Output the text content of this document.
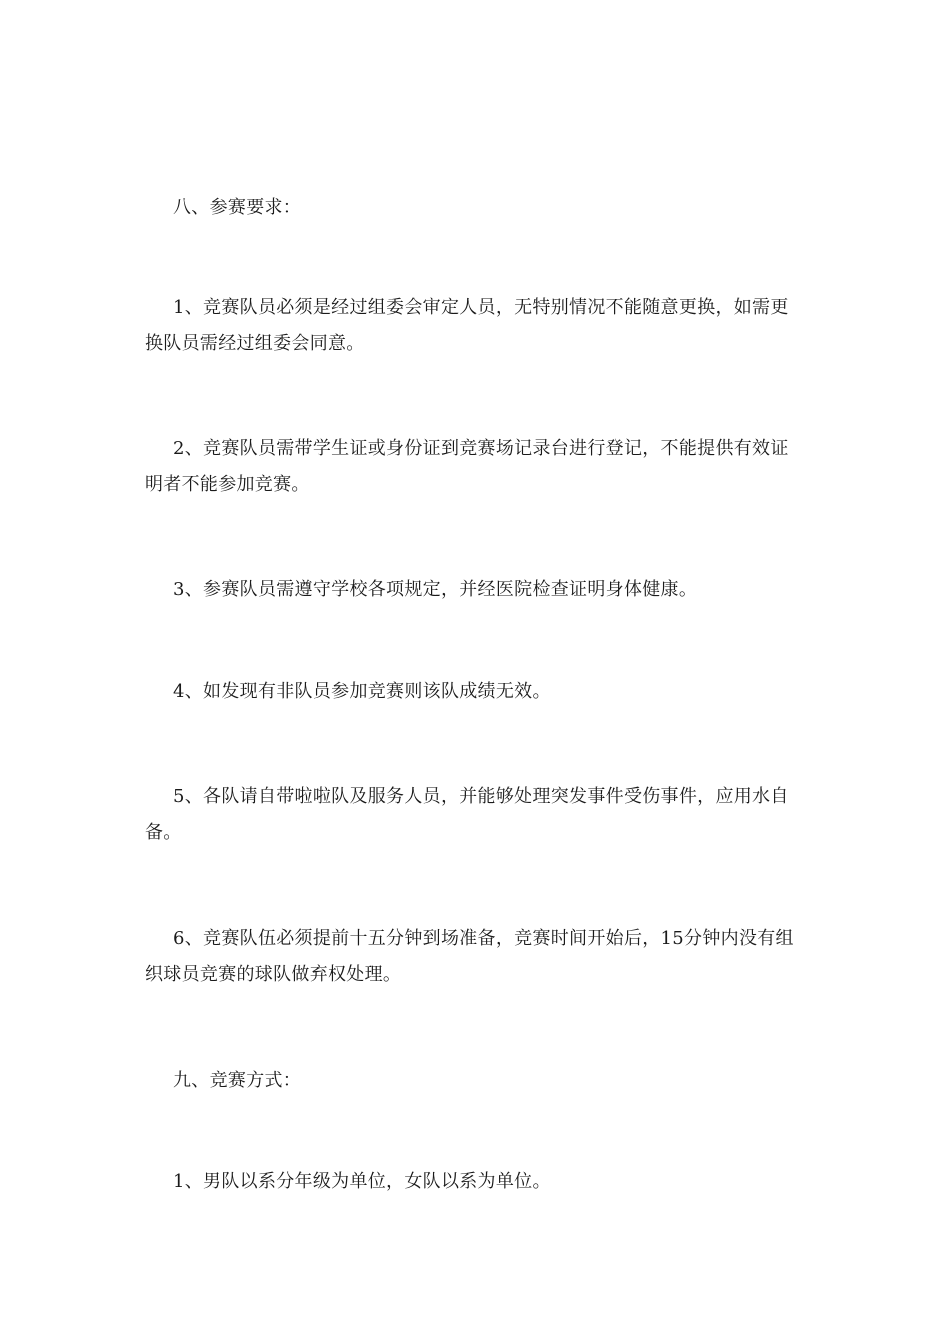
八、参赛要求：

1、竞赛队员必须是经过组委会审定人员，无特别情况不能随意更换，如需更换队员需经过组委会同意。

2、竞赛队员需带学生证或身份证到竞赛场记录台进行登记，不能提供有效证明者不能参加竞赛。

3、参赛队员需遵守学校各项规定，并经医院检查证明身体健康。

4、如发现有非队员参加竞赛则该队成绩无效。

5、各队请自带啦啦队及服务人员，并能够处理突发事件受伤事件，应用水自备。

6、竞赛队伍必须提前十五分钟到场准备，竞赛时间开始后，15分钟内没有组织球员竞赛的球队做弃权处理。

九、竞赛方式：

1、男队以系分年级为单位，女队以系为单位。
